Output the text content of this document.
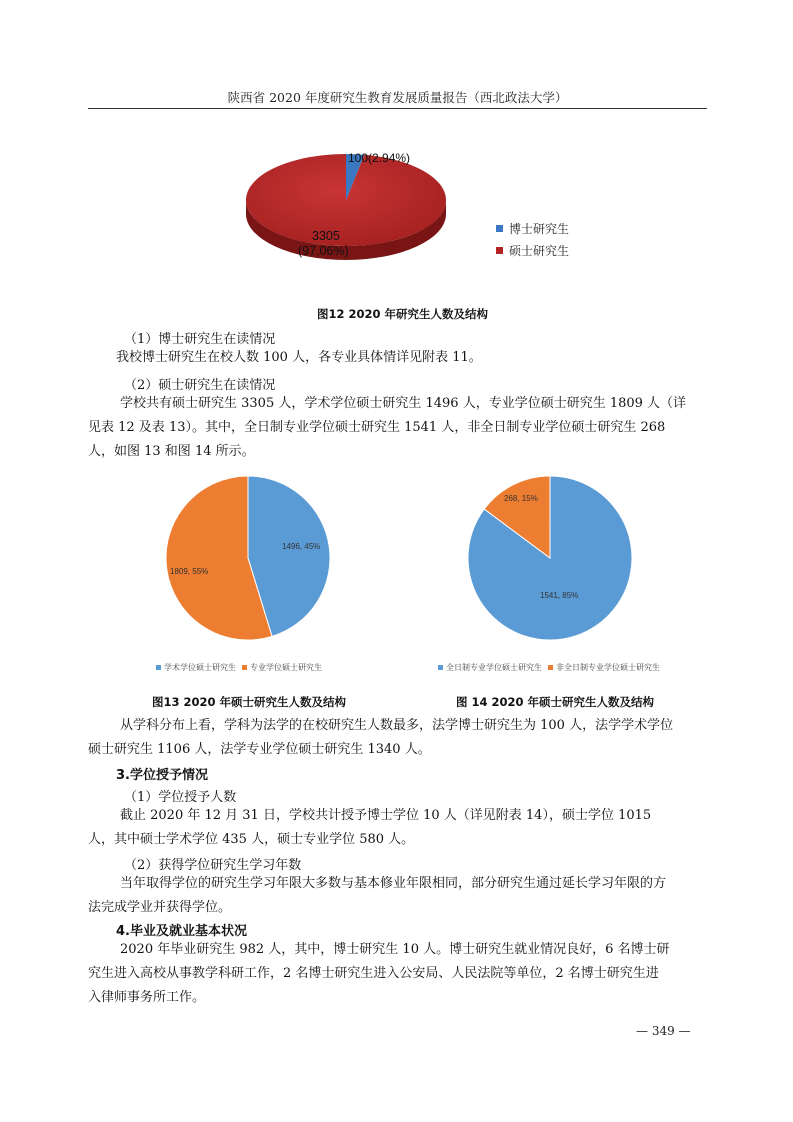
陕西省 2020 年度研究生教育发展质量报告（西北政法大学）
100(2.94%)
3305
(97.06%)
博士研究生
硕士研究生
图12 2020 年研究生人数及结构
（1）博士研究生在读情况
我校博士研究生在校人数 100 人，各专业具体情详见附表 11。
（2）硕士研究生在读情况
学校共有硕士研究生 3305 人，学术学位硕士研究生 1496 人，专业学位硕士研究生 1809 人（详
见表 12 及表 13）。其中，全日制专业学位硕士研究生 1541 人，非全日制专业学位硕士研究生 268
人，如图 13 和图 14 所示。
1496, 45%
1809, 55%
学术学位硕士研究生 专业学位硕士研究生
图13 2020 年硕士研究生人数及结构
1541, 85%
268, 15%
全日制专业学位硕士研究生 非全日制专业学位硕士研究生
图 14 2020 年硕士研究生人数及结构
从学科分布上看，学科为法学的在校研究生人数最多，法学博士研究生为 100 人，法学学术学位
硕士研究生 1106 人，法学专业学位硕士研究生 1340 人。
3.学位授予情况
（1）学位授予人数
截止 2020 年 12 月 31 日，学校共计授予博士学位 10 人（详见附表 14），硕士学位 1015
人，其中硕士学术学位 435 人，硕士专业学位 580 人。
（2）获得学位研究生学习年数
当年取得学位的研究生学习年限大多数与基本修业年限相同，部分研究生通过延长学习年限的方
法完成学业并获得学位。
4.毕业及就业基本状况
2020 年毕业研究生 982 人，其中，博士研究生 10 人。博士研究生就业情况良好，6 名博士研
究生进入高校从事教学科研工作，2 名博士研究生进入公安局、人民法院等单位，2 名博士研究生进
入律师事务所工作。
— 349 —
